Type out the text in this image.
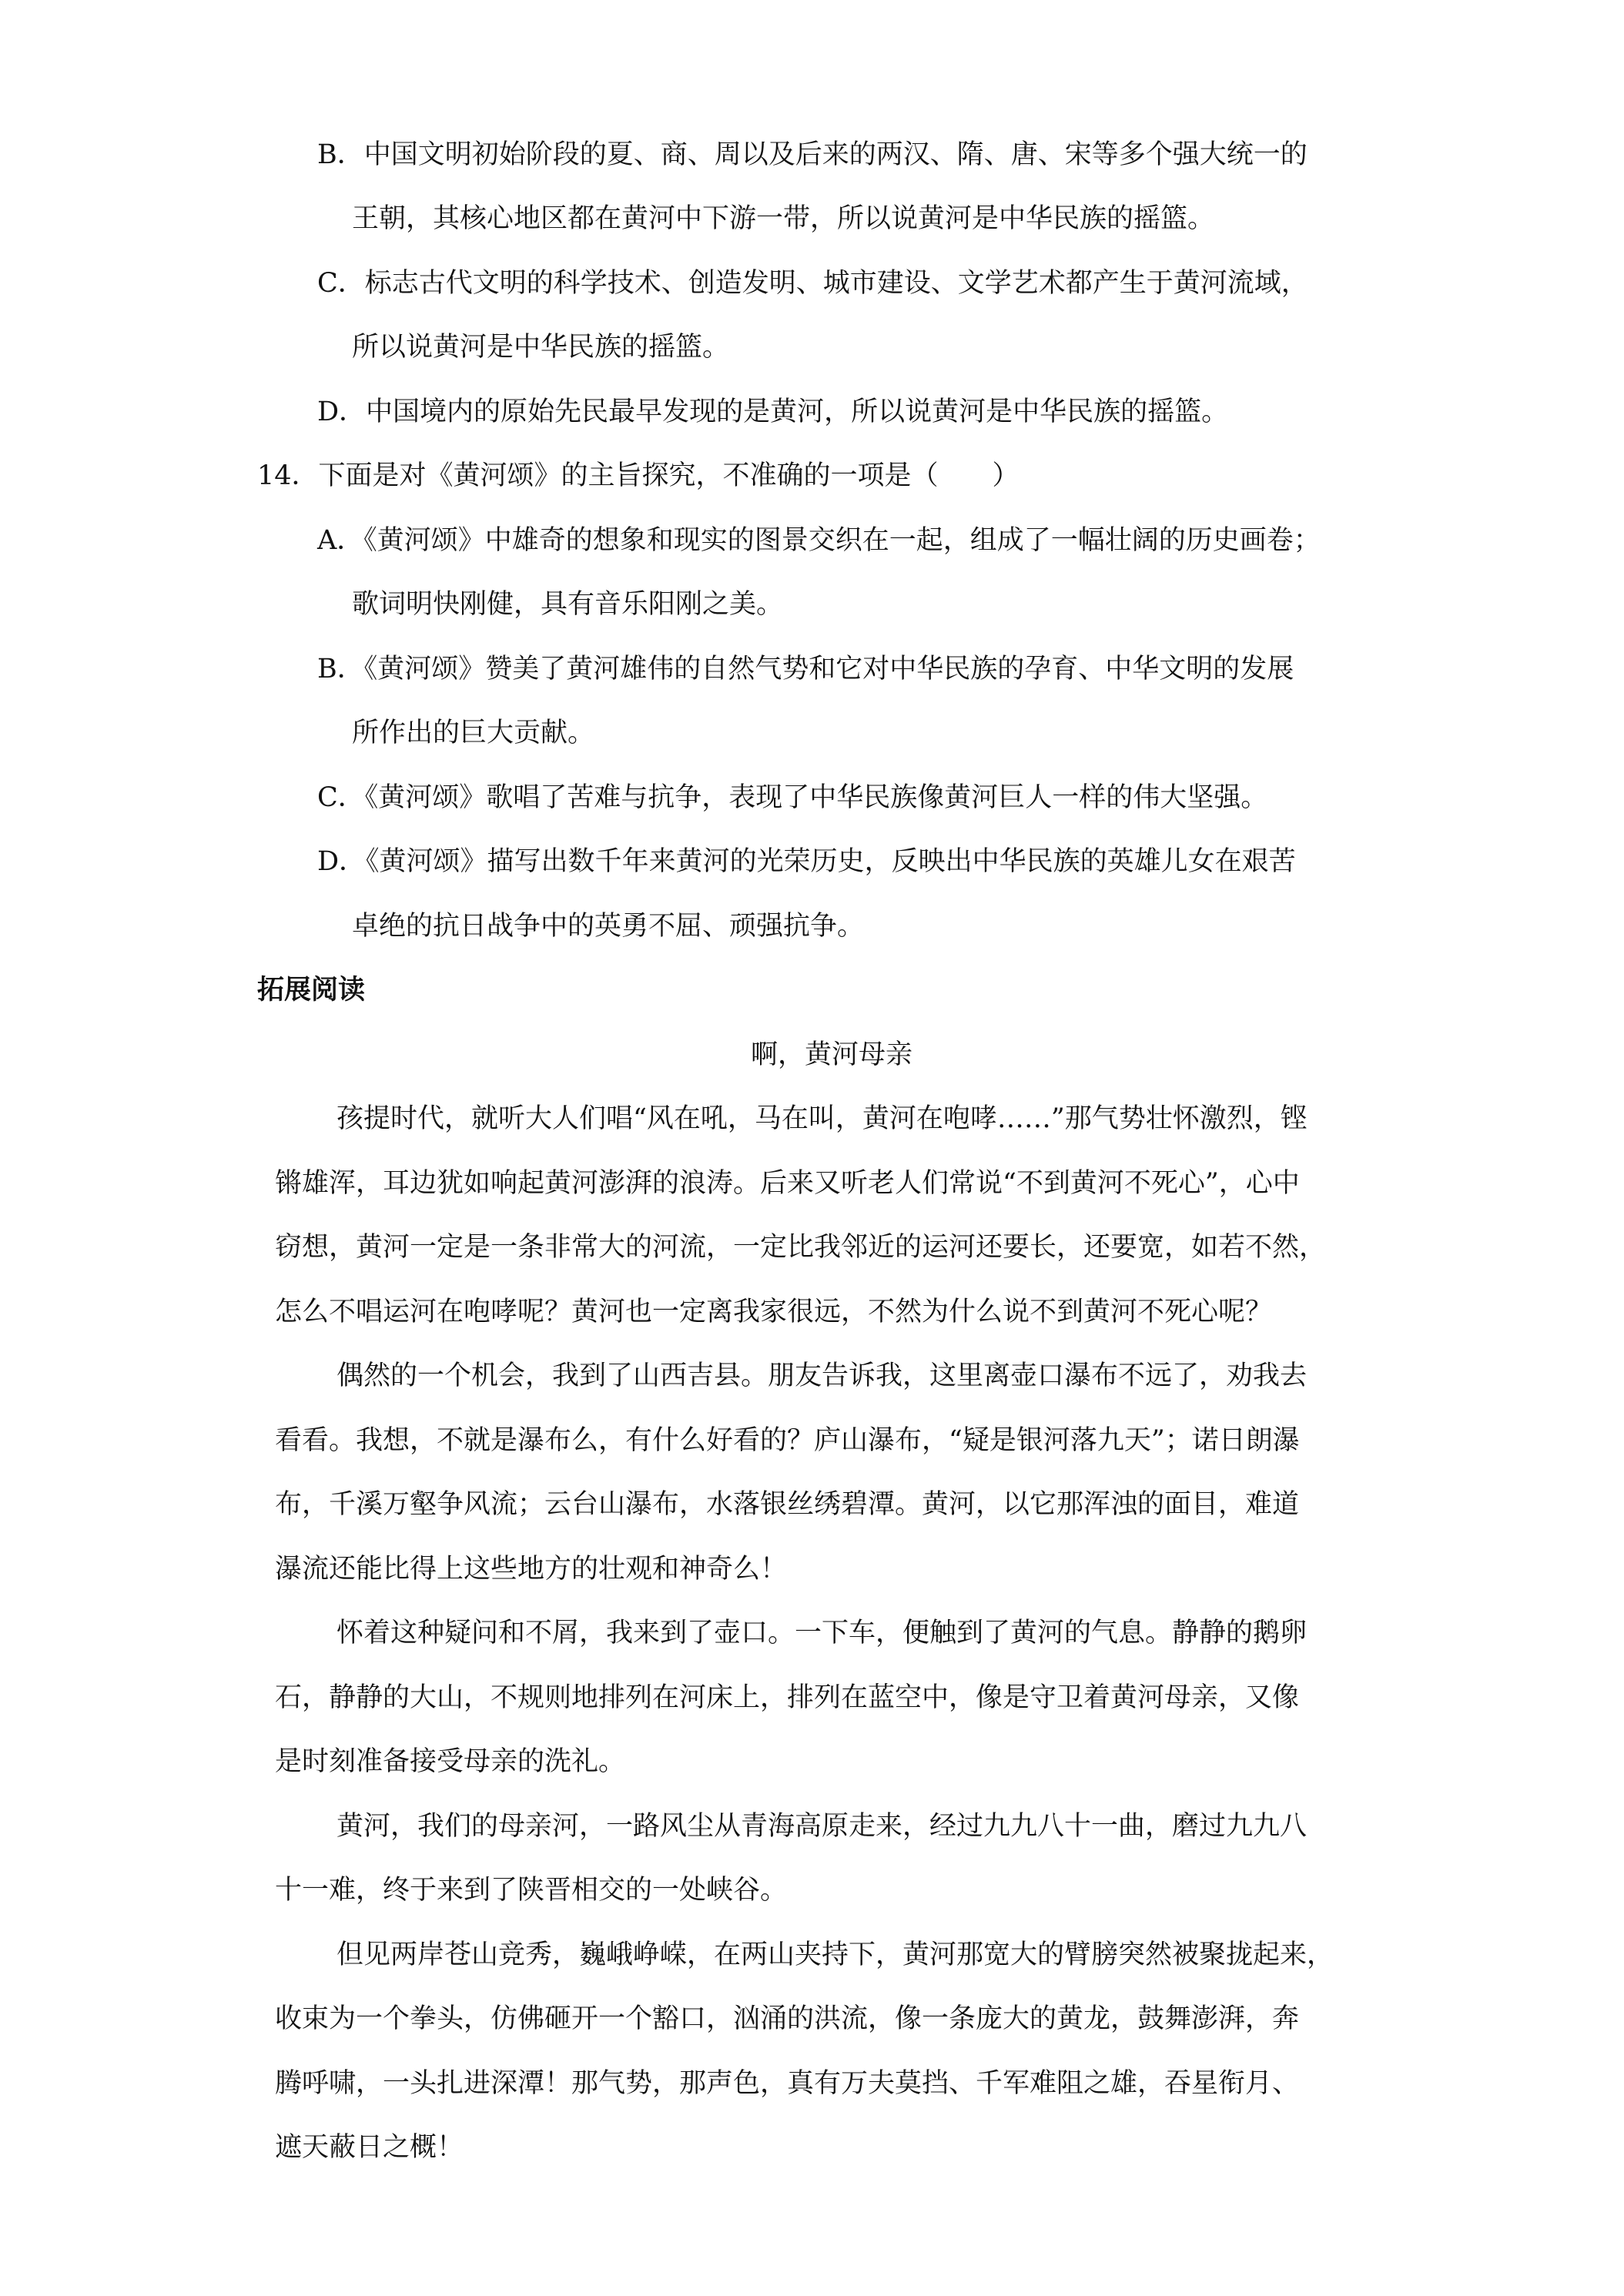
B．中国文明初始阶段的夏、商、周以及后来的两汉、隋、唐、宋等多个强大统一的
王朝，其核心地区都在黄河中下游一带，所以说黄河是中华民族的摇篮。
C．标志古代文明的科学技术、创造发明、城市建设、文学艺术都产生于黄河流域，
所以说黄河是中华民族的摇篮。
D．中国境内的原始先民最早发现的是黄河，所以说黄河是中华民族的摇篮。
14．下面是对《黄河颂》的主旨探究，不准确的一项是（　　）
A．《黄河颂》中雄奇的想象和现实的图景交织在一起，组成了一幅壮阔的历史画卷；
歌词明快刚健，具有音乐阳刚之美。
B．《黄河颂》赞美了黄河雄伟的自然气势和它对中华民族的孕育、中华文明的发展
所作出的巨大贡献。
C．《黄河颂》歌唱了苦难与抗争，表现了中华民族像黄河巨人一样的伟大坚强。
D．《黄河颂》描写出数千年来黄河的光荣历史，反映出中华民族的英雄儿女在艰苦
卓绝的抗日战争中的英勇不屈、顽强抗争。
拓展阅读
啊，黄河母亲
孩提时代，就听大人们唱“风在吼，马在叫，黄河在咆哮……”那气势壮怀激烈，铿
锵雄浑，耳边犹如响起黄河澎湃的浪涛。后来又听老人们常说“不到黄河不死心”，心中
窃想，黄河一定是一条非常大的河流，一定比我邻近的运河还要长，还要宽，如若不然，
怎么不唱运河在咆哮呢？黄河也一定离我家很远，不然为什么说不到黄河不死心呢？
偶然的一个机会，我到了山西吉县。朋友告诉我，这里离壶口瀑布不远了，劝我去
看看。我想，不就是瀑布么，有什么好看的？庐山瀑布，“疑是银河落九天”；诺日朗瀑
布，千溪万壑争风流；云台山瀑布，水落银丝绣碧潭。黄河，以它那浑浊的面目，难道
瀑流还能比得上这些地方的壮观和神奇么！
怀着这种疑问和不屑，我来到了壶口。一下车，便触到了黄河的气息。静静的鹅卵
石，静静的大山，不规则地排列在河床上，排列在蓝空中，像是守卫着黄河母亲，又像
是时刻准备接受母亲的洗礼。
黄河，我们的母亲河，一路风尘从青海高原走来，经过九九八十一曲，磨过九九八
十一难，终于来到了陕晋相交的一处峡谷。
但见两岸苍山竞秀，巍峨峥嵘，在两山夹持下，黄河那宽大的臂膀突然被聚拢起来，
收束为一个拳头，仿佛砸开一个豁口，汹涌的洪流，像一条庞大的黄龙，鼓舞澎湃，奔
腾呼啸，一头扎进深潭！那气势，那声色，真有万夫莫挡、千军难阻之雄，吞星衔月、
遮天蔽日之概！
